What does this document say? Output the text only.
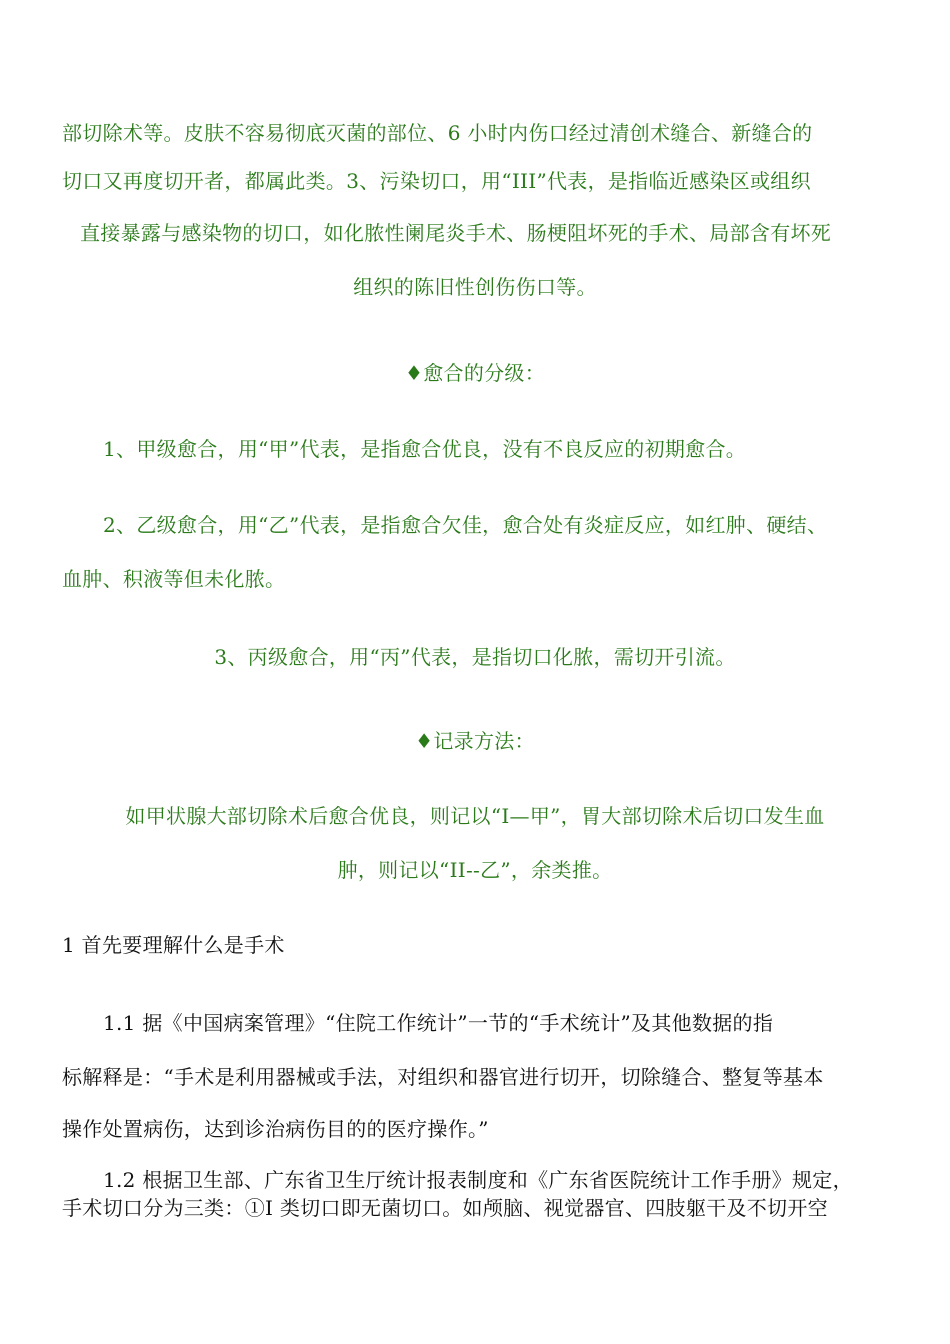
部切除术等。皮肤不容易彻底灭菌的部位、6 小时内伤口经过清创术缝合、新缝合的

切口又再度切开者，都属此类。3、污染切口，用“III”代表，是指临近感染区或组织

直接暴露与感染物的切口，如化脓性阑尾炎手术、肠梗阻坏死的手术、局部含有坏死

组织的陈旧性创伤伤口等。

♦愈合的分级：

1、甲级愈合，用“甲”代表，是指愈合优良，没有不良反应的初期愈合。

2、乙级愈合，用“乙”代表，是指愈合欠佳，愈合处有炎症反应，如红肿、硬结、

血肿、积液等但未化脓。

3、丙级愈合，用“丙”代表，是指切口化脓，需切开引流。

♦记录方法：

如甲状腺大部切除术后愈合优良，则记以“I—甲”，胃大部切除术后切口发生血

肿，则记以“II--乙”，余类推。

1 首先要理解什么是手术

1.1 据《中国病案管理》“住院工作统计”一节的“手术统计”及其他数据的指

标解释是：“手术是利用器械或手法，对组织和器官进行切开，切除缝合、整复等基本

操作处置病伤，达到诊治病伤目的的医疗操作。”

1.2 根据卫生部、广东省卫生厅统计报表制度和《广东省医院统计工作手册》规定，

手术切口分为三类：①I 类切口即无菌切口。如颅脑、视觉器官、四肢躯干及不切开空
